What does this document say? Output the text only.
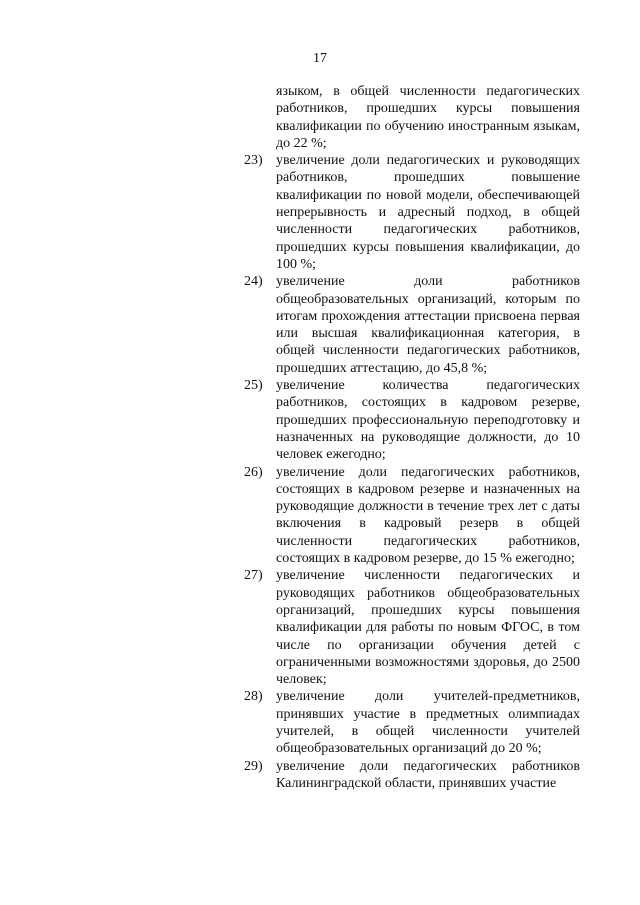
17

языком, в общей численности педагогических работников, прошедших курсы повышения квалификации по обучению иностранным языкам, до 22 %;

23) увеличение доли педагогических и руководящих работников, прошедших повышение квалификации по новой модели, обеспечивающей непрерывность и адресный подход, в общей численности педагогических работников, прошедших курсы повышения квалификации, до 100 %;
24) увеличение доли работников общеобразовательных организаций, которым по итогам прохождения аттестации присвоена первая или высшая квалификационная категория, в общей численности педагогических работников, прошедших аттестацию, до 45,8 %;
25) увеличение количества педагогических работников, состоящих в кадровом резерве, прошедших профессиональную переподготовку и назначенных на руководящие должности, до 10 человек ежегодно;
26) увеличение доли педагогических работников, состоящих в кадровом резерве и назначенных на руководящие должности в течение трех лет с даты включения в кадровый резерв в общей численности педагогических работников, состоящих в кадровом резерве, до 15 % ежегодно;
27) увеличение численности педагогических и руководящих работников общеобразовательных организаций, прошедших курсы повышения квалификации для работы по новым ФГОС, в том числе по организации обучения детей с ограниченными возможностями здоровья, до 2500 человек;
28) увеличение доли учителей-предметников, принявших участие в предметных олимпиадах учителей, в общей численности учителей общеобразовательных организаций до 20 %;
29) увеличение доли педагогических работников Калининградской области, принявших участие
. . . .
